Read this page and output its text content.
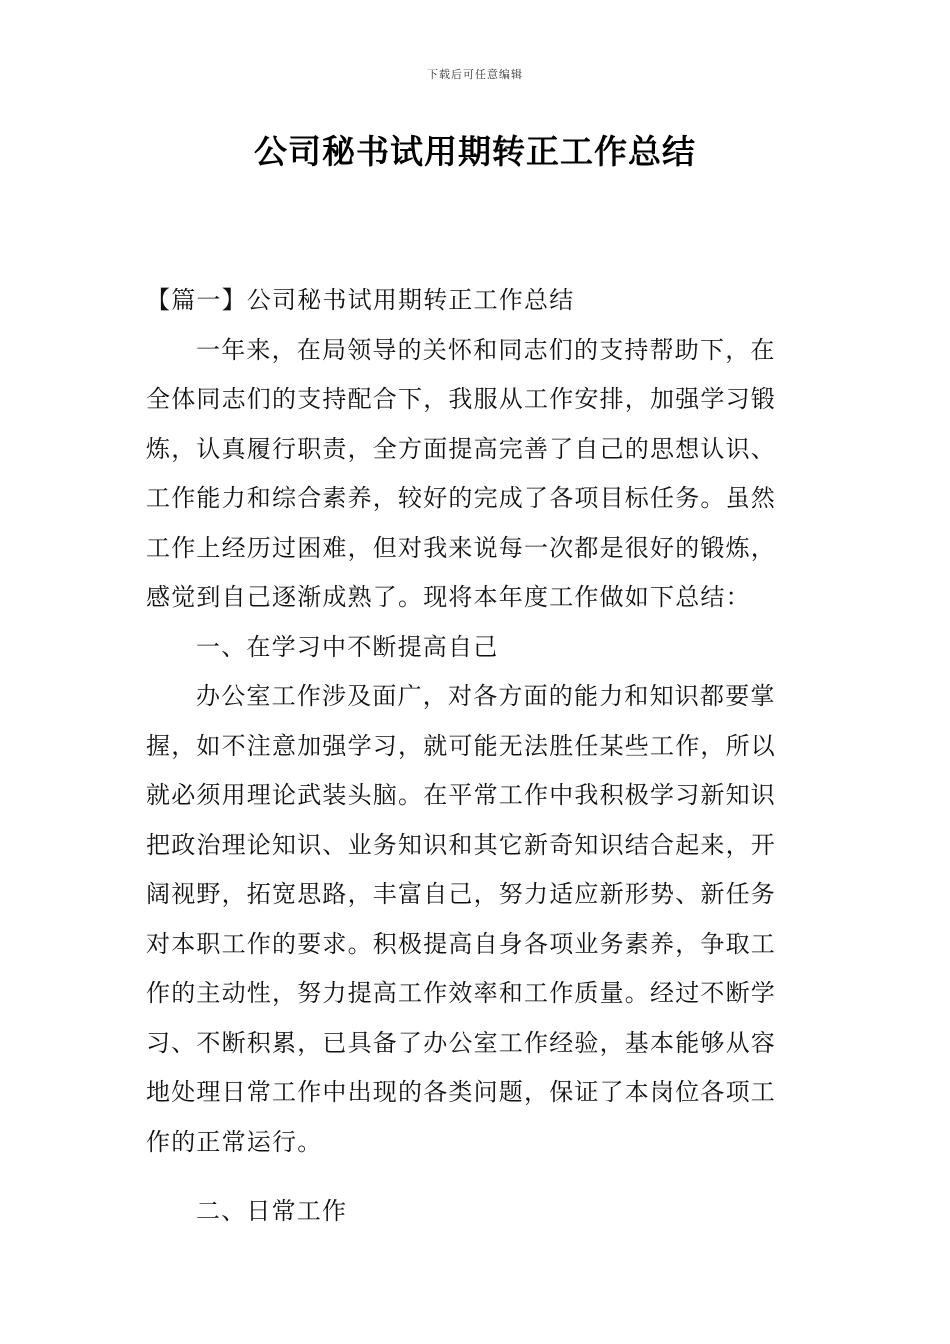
下载后可任意编辑
公司秘书试用期转正工作总结
【篇一】公司秘书试用期转正工作总结
一年来，在局领导的关怀和同志们的支持帮助下，在
全体同志们的支持配合下，我服从工作安排，加强学习锻
炼，认真履行职责，全方面提高完善了自己的思想认识、
工作能力和综合素养，较好的完成了各项目标任务。虽然
工作上经历过困难，但对我来说每一次都是很好的锻炼，
感觉到自己逐渐成熟了。现将本年度工作做如下总结：
一、在学习中不断提高自己
办公室工作涉及面广，对各方面的能力和知识都要掌
握，如不注意加强学习，就可能无法胜任某些工作，所以
就必须用理论武装头脑。在平常工作中我积极学习新知识
把政治理论知识、业务知识和其它新奇知识结合起来，开
阔视野，拓宽思路，丰富自己，努力适应新形势、新任务
对本职工作的要求。积极提高自身各项业务素养，争取工
作的主动性，努力提高工作效率和工作质量。经过不断学
习、不断积累，已具备了办公室工作经验，基本能够从容
地处理日常工作中出现的各类问题，保证了本岗位各项工
作的正常运行。
二、日常工作
